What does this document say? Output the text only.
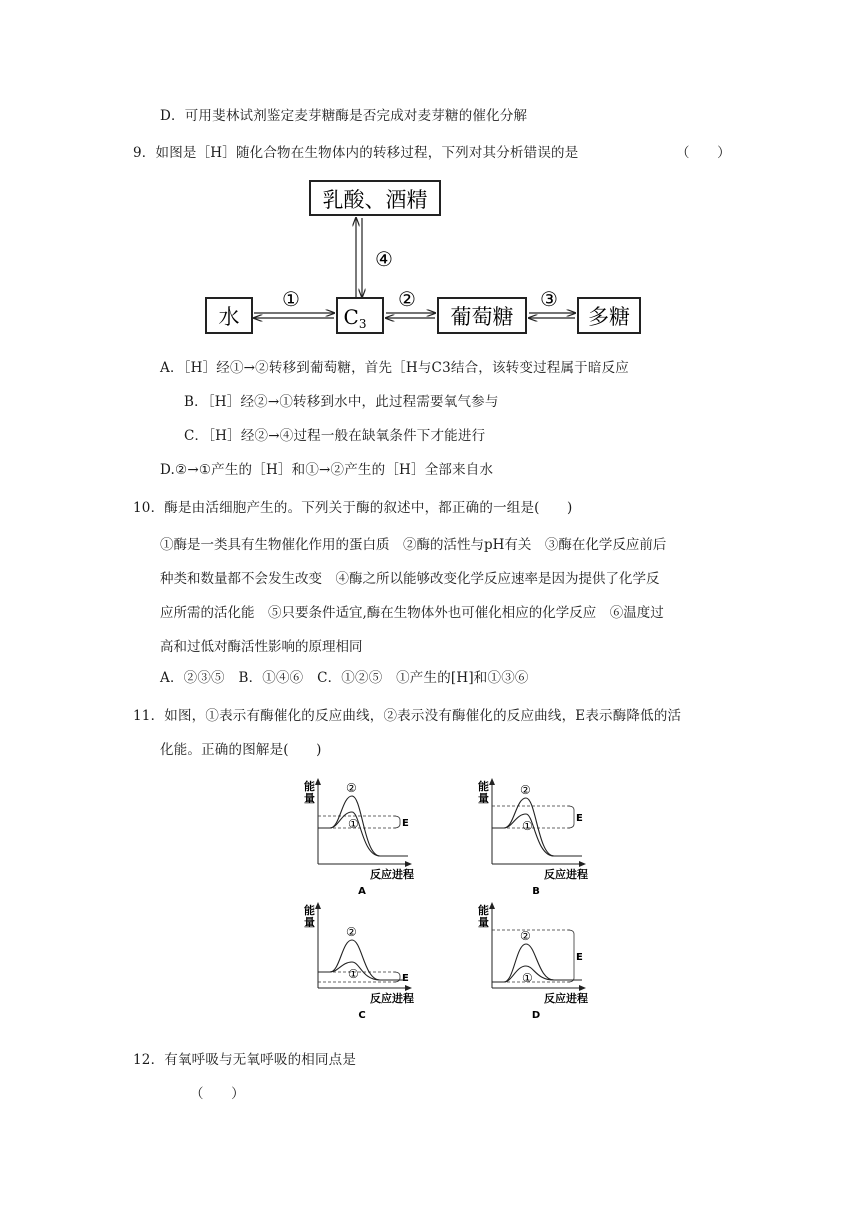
D．可用斐林试剂鉴定麦芽糖酶是否完成对麦芽糖的催化分解
9．如图是［H］随化合物在生物体内的转移过程，下列对其分析错误的是	（　　）
乳酸、酒精
水	$C_3$	葡萄糖	多糖
④
①	②	③
A．［H］经①→②转移到葡萄糖，首先［H与C3结合，该转变过程属于暗反应
B．［H］经②→①转移到水中，此过程需要氧气参与
C．［H］经②→④过程一般在缺氧条件下才能进行
D.②→①产生的［H］和①→②产生的［H］全部来自水
10．酶是由活细胞产生的。下列关于酶的叙述中，都正确的一组是(　　)
①酶是一类具有生物催化作用的蛋白质　②酶的活性与pH有关　③酶在化学反应前后
种类和数量都不会发生改变　④酶之所以能够改变化学反应速率是因为提供了化学反
应所需的活化能　⑤只要条件适宜,酶在生物体外也可催化相应的化学反应　⑥温度过
高和过低对酶活性影响的原理相同
A．②③⑤　B．①④⑥　C．①②⑤　①产生的[H]和①③⑥
11．如图，①表示有酶催化的反应曲线，②表示没有酶催化的反应曲线，E表示酶降低的活
化能。正确的图解是(　　)
能
量
反应进程
A
E
②
①
能
量
反应进程
B
E
②
①
能
量
反应进程
C
E
②
①
能
量
反应进程
D
E
②
①
12．有氧呼吸与无氧呼吸的相同点是
（　　）
